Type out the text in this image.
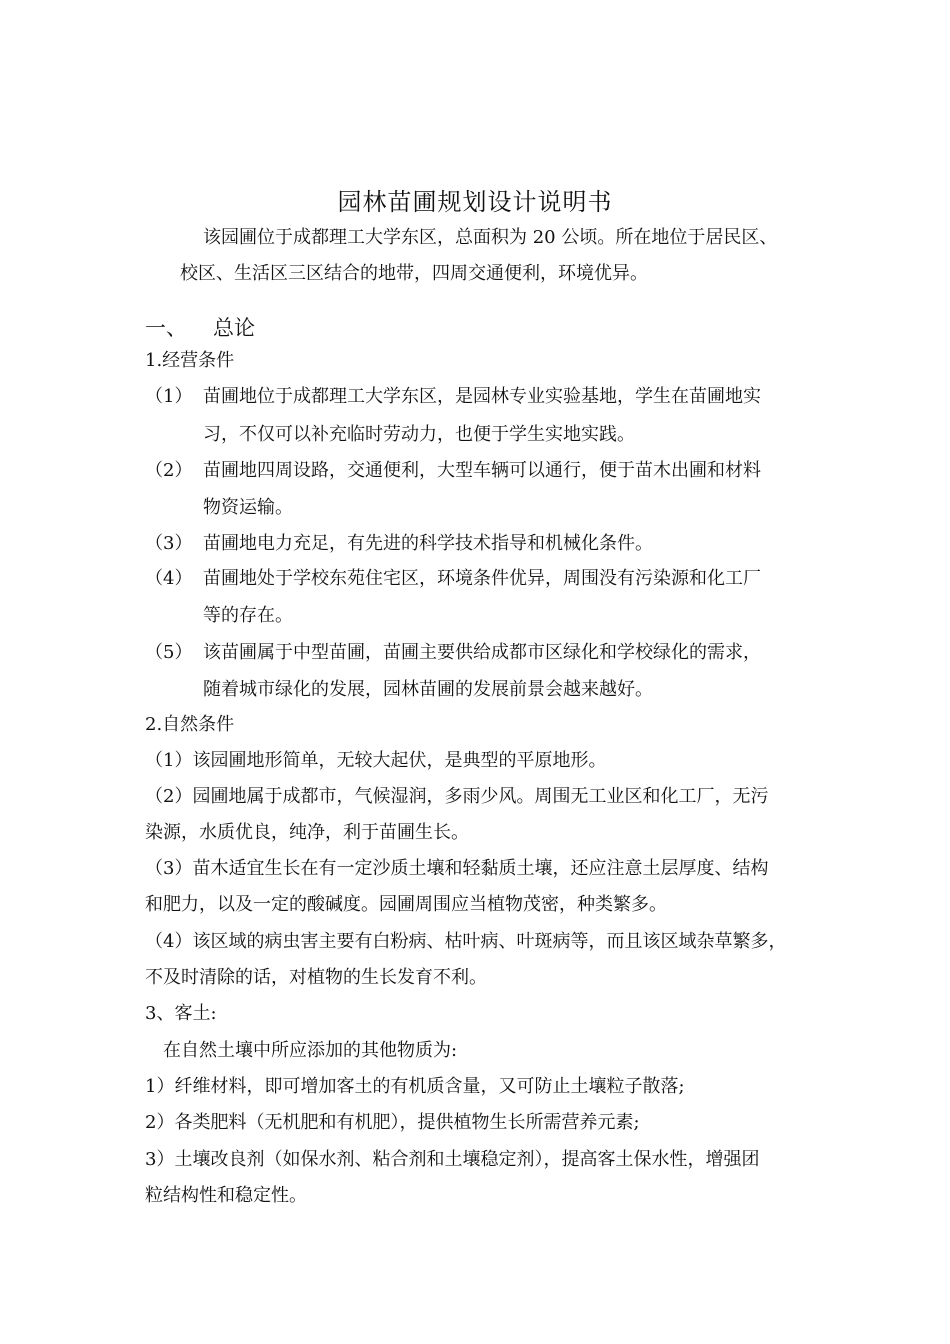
园林苗圃规划设计说明书
该园圃位于成都理工大学东区，总面积为 20 公顷。所在地位于居民区、
校区、生活区三区结合的地带，四周交通便利，环境优异。
一、 总论
1.经营条件
（1） 苗圃地位于成都理工大学东区，是园林专业实验基地，学生在苗圃地实
习，不仅可以补充临时劳动力，也便于学生实地实践。
（2） 苗圃地四周设路，交通便利，大型车辆可以通行，便于苗木出圃和材料
物资运输。
（3） 苗圃地电力充足，有先进的科学技术指导和机械化条件。
（4） 苗圃地处于学校东苑住宅区，环境条件优异，周围没有污染源和化工厂
等的存在。
（5） 该苗圃属于中型苗圃，苗圃主要供给成都市区绿化和学校绿化的需求，
随着城市绿化的发展，园林苗圃的发展前景会越来越好。
2.自然条件
（1）该园圃地形简单，无较大起伏，是典型的平原地形。
（2）园圃地属于成都市，气候湿润，多雨少风。周围无工业区和化工厂，无污
染源，水质优良，纯净，利于苗圃生长。
（3）苗木适宜生长在有一定沙质土壤和轻黏质土壤，还应注意土层厚度、结构
和肥力，以及一定的酸碱度。园圃周围应当植物茂密，种类繁多。
（4）该区域的病虫害主要有白粉病、枯叶病、叶斑病等，而且该区域杂草繁多，
不及时清除的话，对植物的生长发育不利。
3、客土:
在自然土壤中所应添加的其他物质为:
1）纤维材料，即可增加客土的有机质含量，又可防止土壤粒子散落;
2）各类肥料（无机肥和有机肥），提供植物生长所需营养元素;
3）土壤改良剂（如保水剂、粘合剂和土壤稳定剂），提高客土保水性，增强团
粒结构性和稳定性。
